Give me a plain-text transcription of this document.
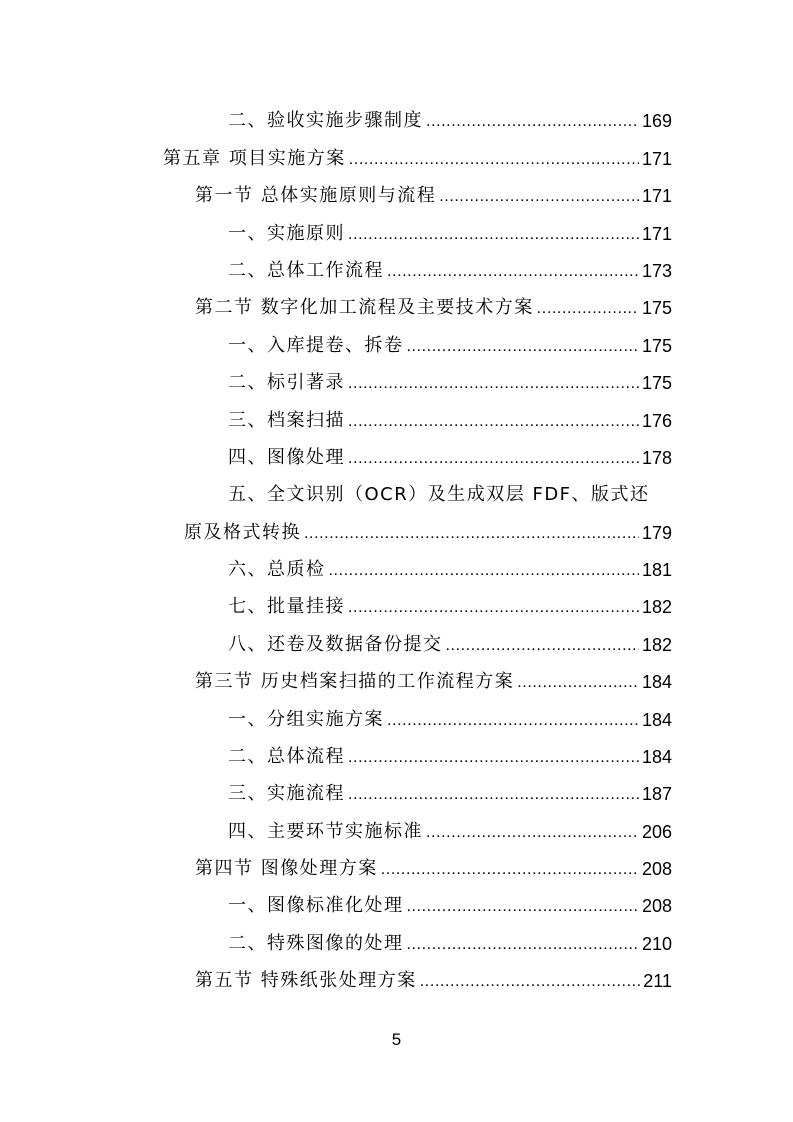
二、验收实施步骤制度 .....	169
第五章 项目实施方案 .....	171
第一节 总体实施原则与流程 .....	171
一、实施原则 .....	171
二、总体工作流程 .....	173
第二节 数字化加工流程及主要技术方案 .....	175
一、入库提卷、拆卷 .....	175
二、标引著录 .....	175
三、档案扫描 .....	176
四、图像处理 .....	178
五、全文识别（OCR）及生成双层 FDF、版式还
原及格式转换 .....	179
六、总质检 .....	181
七、批量挂接 .....	182
八、还卷及数据备份提交 .....	182
第三节 历史档案扫描的工作流程方案 .....	184
一、分组实施方案 .....	184
二、总体流程 .....	184
三、实施流程 .....	187
四、主要环节实施标准 .....	206
第四节 图像处理方案 .....	208
一、图像标准化处理 .....	208
二、特殊图像的处理 .....	210
第五节 特殊纸张处理方案 .....	211
5
